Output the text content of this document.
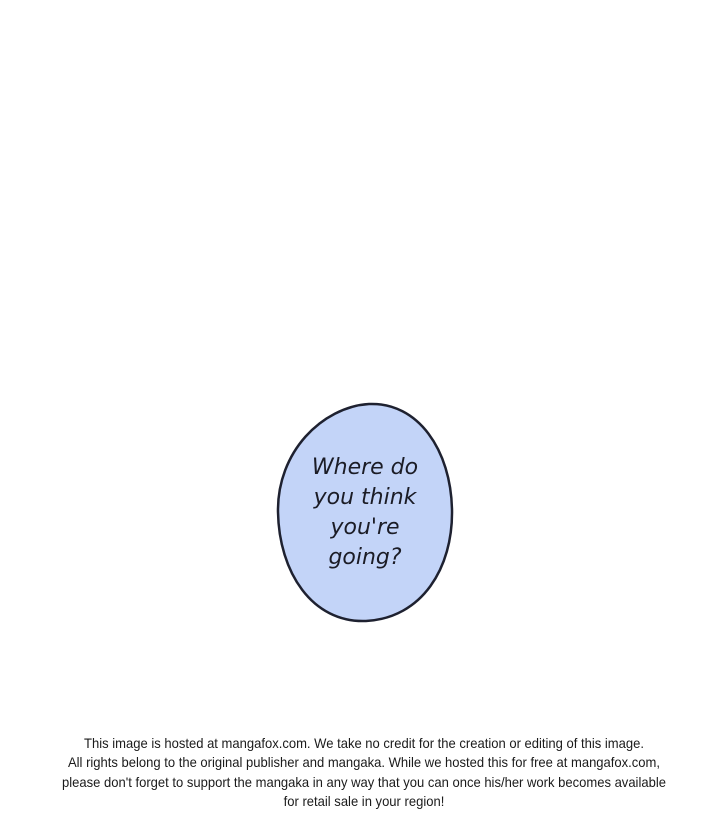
Where do
you think
you're
going?
This image is hosted at mangafox.com. We take no credit for the creation or editing of this image.
All rights belong to the original publisher and mangaka. While we hosted this for free at mangafox.com,
please don't forget to support the mangaka in any way that you can once his/her work becomes available
for retail sale in your region!
